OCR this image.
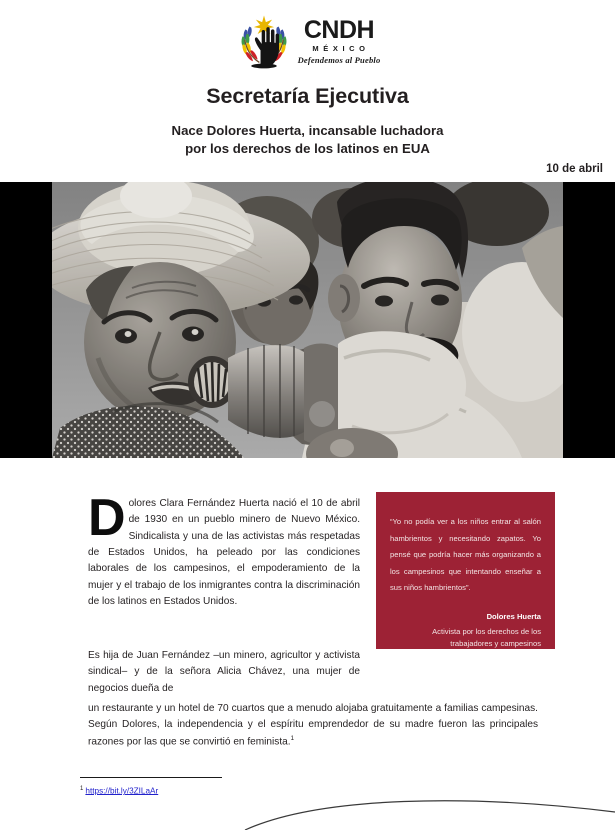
CNDH
MÉXICO
Defendemos al Pueblo
Secretaría Ejecutiva
Nace Dolores Huerta, incansable luchadora
por los derechos de los latinos en EUA
10 de abril

“Yo no podía ver a los niños entrar al salón hambrientos y necesitando zapatos. Yo pensé que podría hacer más organizando a los campesinos que intentando enseñar a sus niños hambrientos”.

Dolores Huerta
Activista por los derechos de los
trabajadores y campesinos

Dolores Clara Fernández Huerta nació el 10 de abril de 1930 en un pueblo minero de Nuevo México. Sindicalista y una de las activistas más respetadas de Estados Unidos, ha peleado por las condiciones laborales de los campesinos, el empoderamiento de la mujer y el trabajo de los inmigrantes contra la discriminación de los latinos en Estados Unidos.

Es hija de Juan Fernández –un minero, agricultor y activista sindical– y de la señora Alicia Chávez, una mujer de negocios dueña de

un restaurante y un hotel de 70 cuartos que a menudo alojaba gratuitamente a familias campesinas. Según Dolores, la independencia y el espíritu emprendedor de su madre fueron las principales razones por las que se convirtió en feminista.$^1$

$^1$ https://bit.ly/3ZILaAr
